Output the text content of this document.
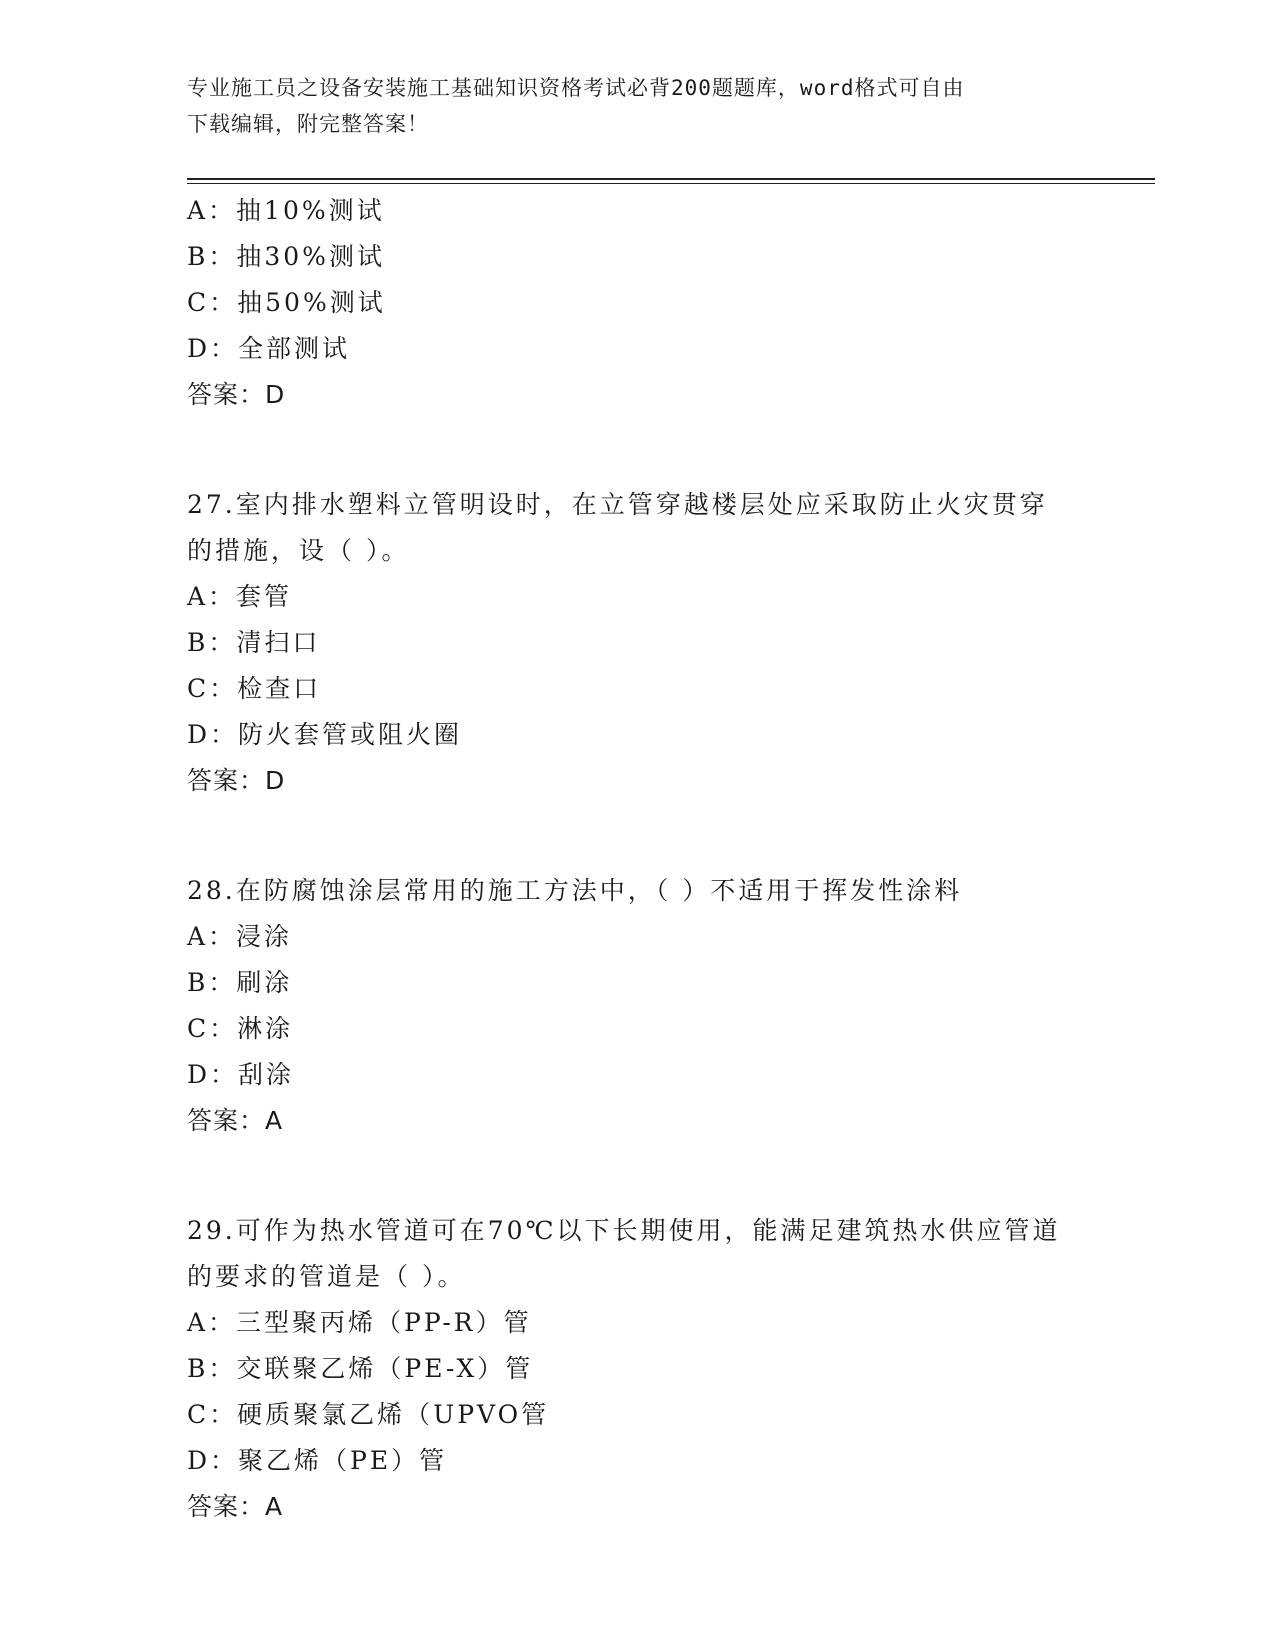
专业施工员之设备安装施工基础知识资格考试必背200题题库，word格式可自由
下载编辑，附完整答案！
A：抽10%测试
B：抽30%测试
C：抽50%测试
D：全部测试
答案：D
27.室内排水塑料立管明设时，在立管穿越楼层处应采取防止火灾贯穿
的措施，设（ ）。
A：套管
B：清扫口
C：检查口
D：防火套管或阻火圈
答案：D
28.在防腐蚀涂层常用的施工方法中，（ ）不适用于挥发性涂料
A：浸涂
B：刷涂
C：淋涂
D：刮涂
答案：A
29.可作为热水管道可在70℃以下长期使用，能满足建筑热水供应管道
的要求的管道是（ ）。
A：三型聚丙烯（PP-R）管
B：交联聚乙烯（PE-X）管
C：硬质聚氯乙烯（UPVO管
D：聚乙烯（PE）管
答案：A
